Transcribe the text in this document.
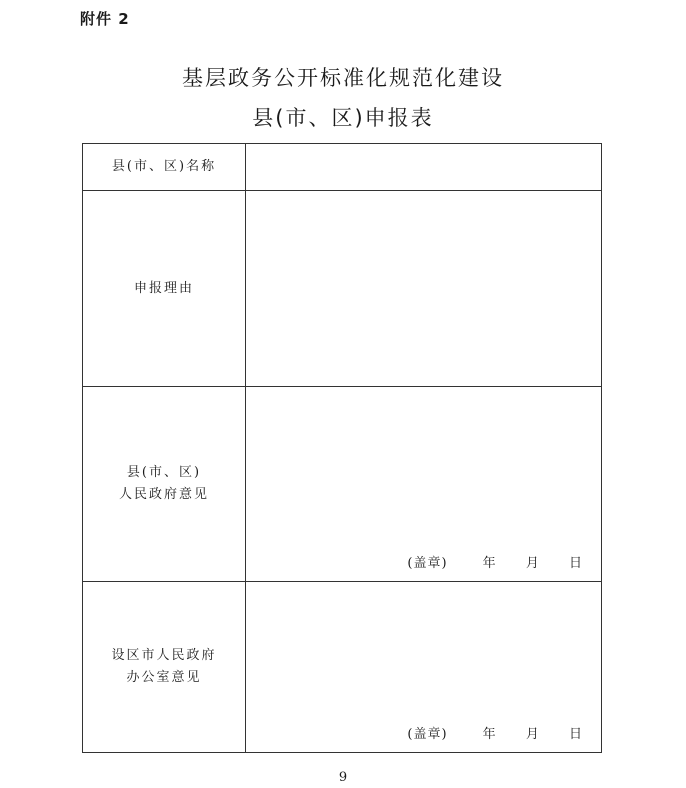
附件 2
基层政务公开标准化规范化建设
县(市、区)申报表
县(市、区)名称	
申报理由	

县(市、区)
人民政府意见	(盖章) 年 月 日

设区市人民政府
办公室意见	(盖章) 年 月 日
9
